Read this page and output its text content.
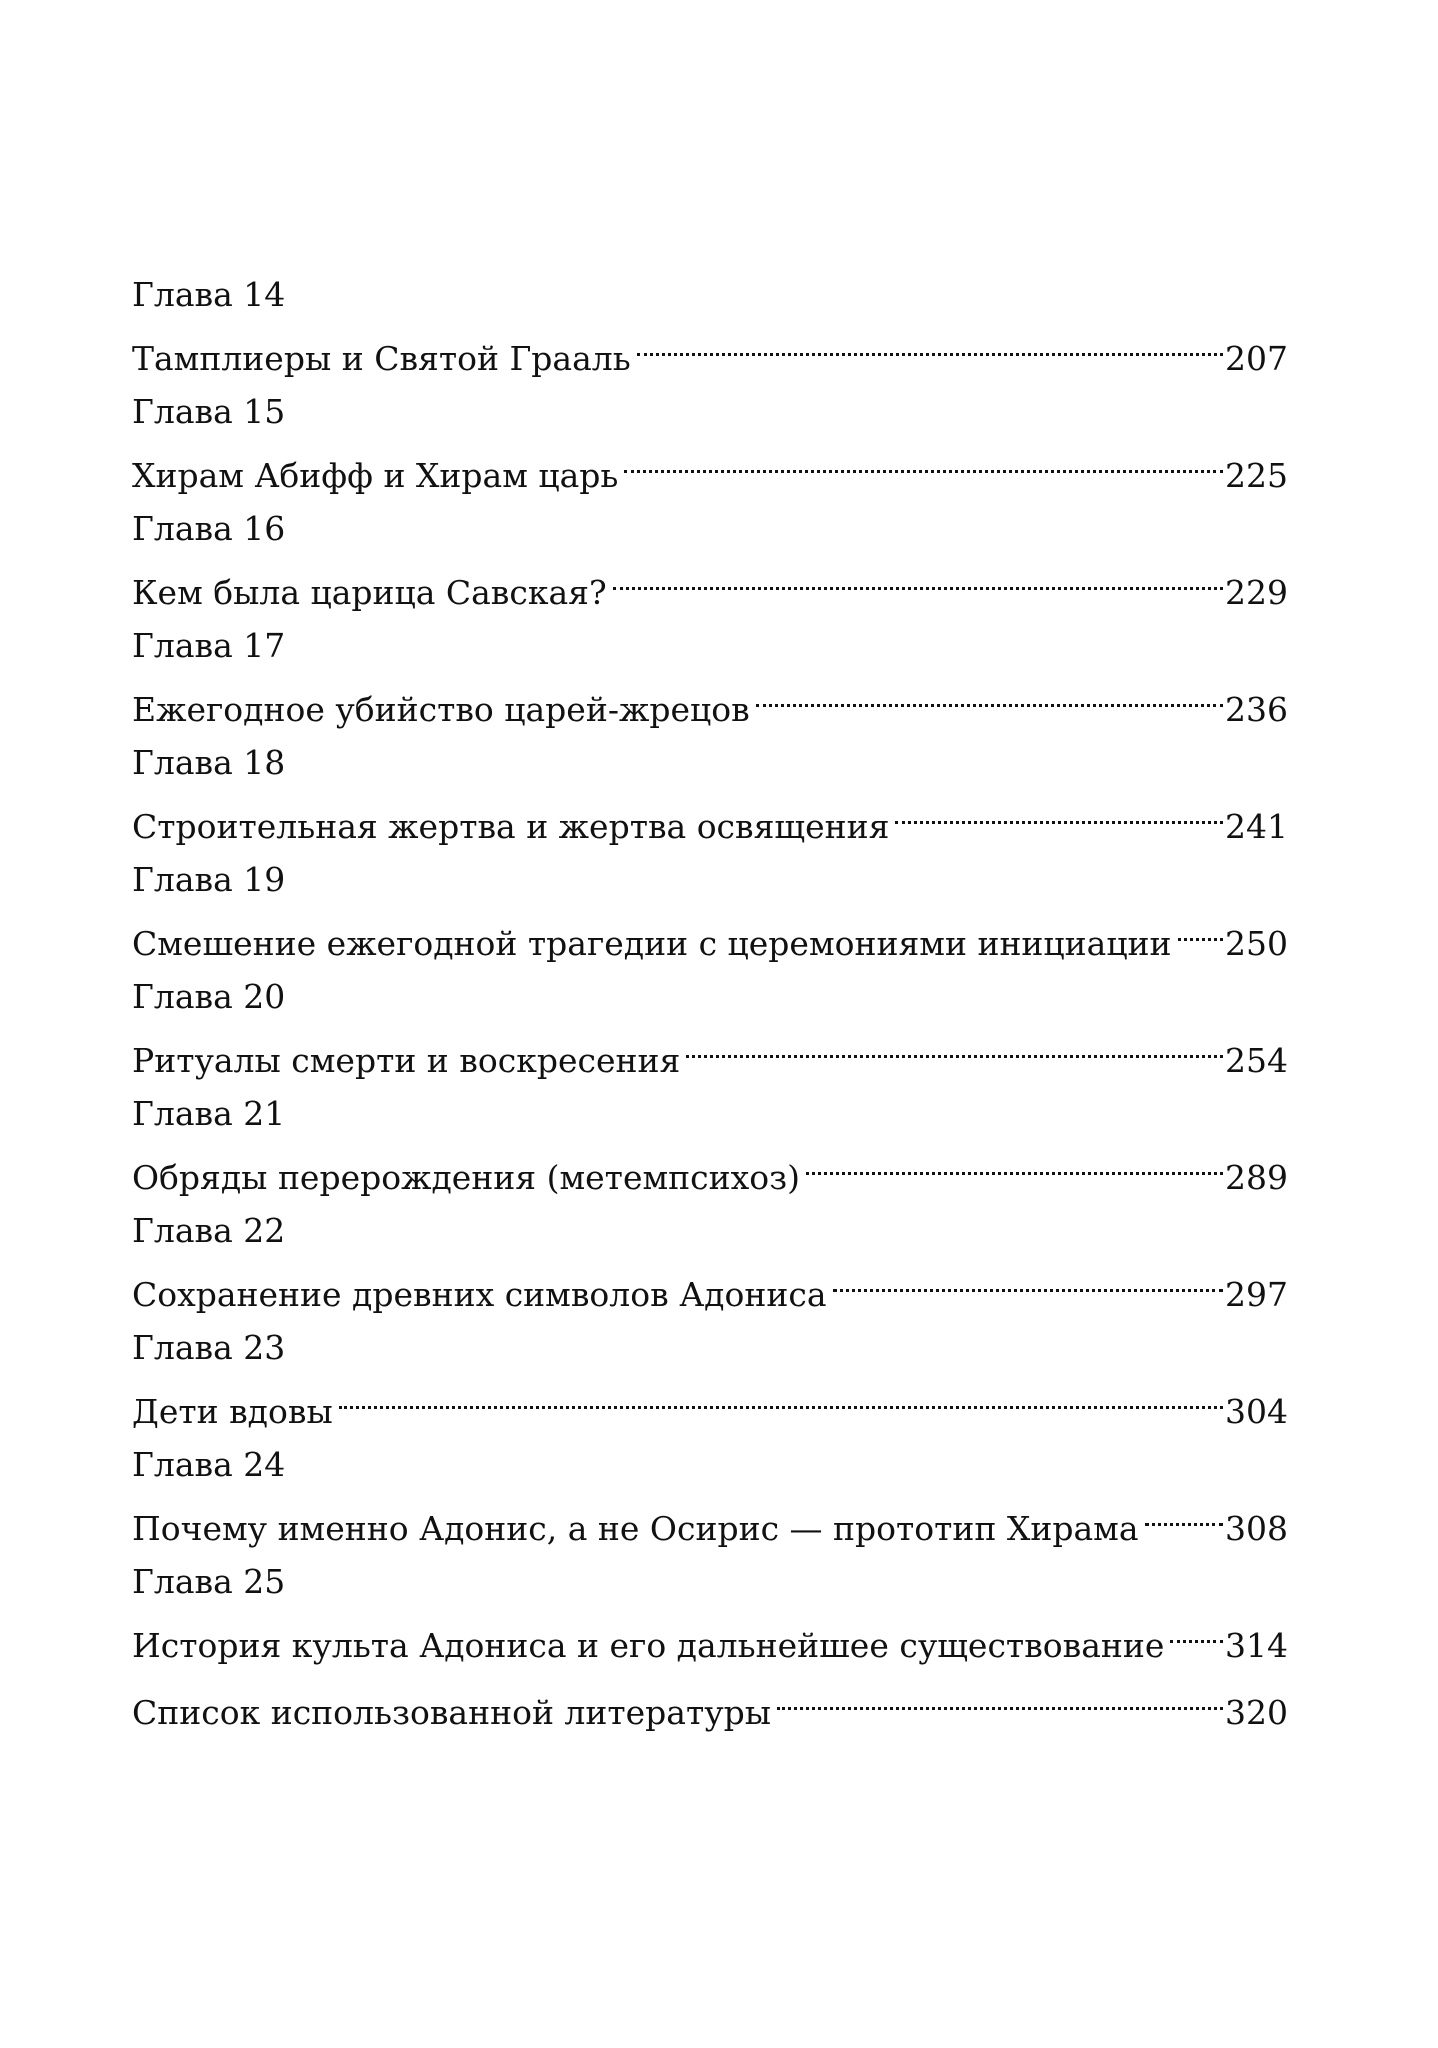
Глава 14
Тамплиеры и Святой Грааль	207
Глава 15
Хирам Абифф и Хирам царь	225
Глава 16
Кем была царица Савская?	229
Глава 17
Ежегодное убийство царей-жрецов	236
Глава 18
Строительная жертва и жертва освящения	241
Глава 19
Смешение ежегодной трагедии с церемониями инициации 250
Глава 20
Ритуалы смерти и воскресения	254
Глава 21
Обряды перерождения (метемпсихоз)	289
Глава 22
Сохранение древних символов Адониса	297
Глава 23
Дети вдовы	304
Глава 24
Почему именно Адонис, а не Осирис — прототип Хирама	308
Глава 25
История культа Адониса и его дальнейшее существование 314
Список использованной литературы	320
